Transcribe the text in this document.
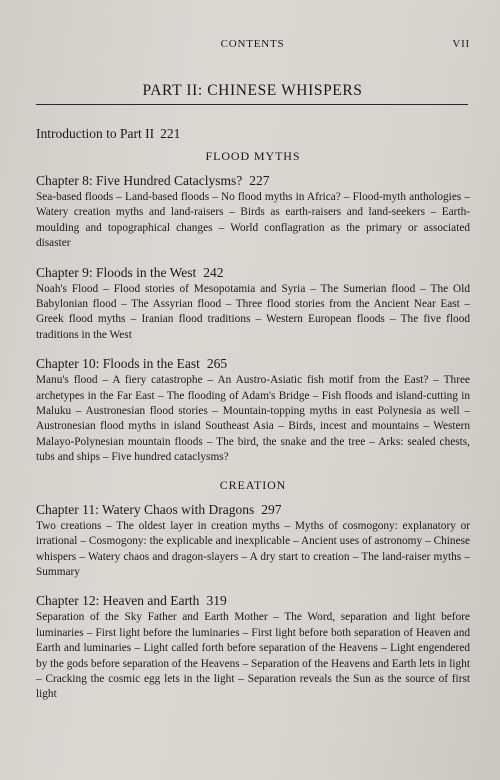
CONTENTS	VII
PART II: CHINESE WHISPERS
Introduction to Part II 221
FLOOD MYTHS
Chapter 8: Five Hundred Cataclysms? 227

Sea-based floods – Land-based floods – No flood myths in Africa? – Flood-myth anthologies – Watery creation myths and land-raisers – Birds as earth-raisers and land-seekers – Earth-moulding and topographical changes – World conflagration as the primary or associated disaster

Chapter 9: Floods in the West 242

Noah's Flood – Flood stories of Mesopotamia and Syria – The Sumerian flood – The Old Babylonian flood – The Assyrian flood – Three flood stories from the Ancient Near East – Greek flood myths – Iranian flood traditions – Western European floods – The five flood traditions in the West

Chapter 10: Floods in the East 265

Manu's flood – A fiery catastrophe – An Austro-Asiatic fish motif from the East? – Three archetypes in the Far East – The flooding of Adam's Bridge – Fish floods and island-cutting in Maluku – Austronesian flood stories – Mountain-topping myths in east Polynesia as well – Austronesian flood myths in island Southeast Asia – Birds, incest and mountains – Western Malayo-Polynesian mountain floods – The bird, the snake and the tree – Arks: sealed chests, tubs and ships – Five hundred cataclysms?

CREATION
Chapter 11: Watery Chaos with Dragons 297

Two creations – The oldest layer in creation myths – Myths of cosmogony: explanatory or irrational – Cosmogony: the explicable and inexplicable – Ancient uses of astronomy – Chinese whispers – Watery chaos and dragon-slayers – A dry start to creation – The land-raiser myths – Summary

Chapter 12: Heaven and Earth 319

Separation of the Sky Father and Earth Mother – The Word, separation and light before luminaries – First light before the luminaries – First light before both separation of Heaven and Earth and luminaries – Light called forth before separation of the Heavens – Light engendered by the gods before separation of the Heavens – Separation of the Heavens and Earth lets in light – Cracking the cosmic egg lets in the light – Separation reveals the Sun as the source of first light
